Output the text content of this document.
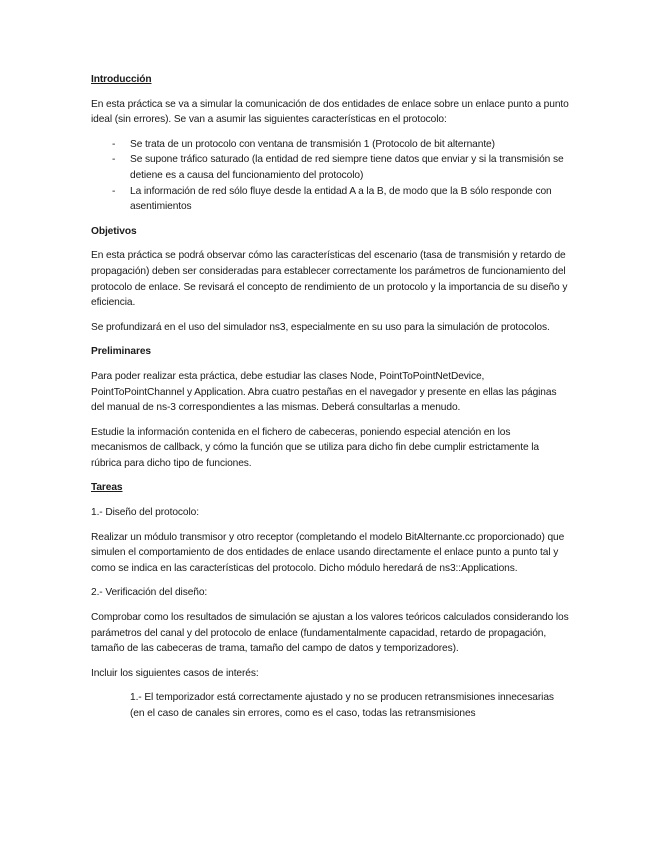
Introducción

En esta práctica se va a simular la comunicación de dos entidades de enlace sobre un enlace punto a punto ideal (sin errores). Se van a asumir las siguientes características en el protocolo:

- Se trata de un protocolo con ventana de transmisión 1 (Protocolo de bit alternante)
- Se supone tráfico saturado (la entidad de red siempre tiene datos que enviar y si la transmisión se detiene es a causa del funcionamiento del protocolo)
- La información de red sólo fluye desde la entidad A a la B, de modo que la B sólo responde con asentimientos
Objetivos

En esta práctica se podrá observar cómo las características del escenario (tasa de transmisión y retardo de propagación) deben ser consideradas para establecer correctamente los parámetros de funcionamiento del protocolo de enlace. Se revisará el concepto de rendimiento de un protocolo y la importancia de su diseño y eficiencia.

Se profundizará en el uso del simulador ns3, especialmente en su uso para la simulación de protocolos.

Preliminares

Para poder realizar esta práctica, debe estudiar las clases Node, PointToPointNetDevice, PointToPointChannel y Application. Abra cuatro pestañas en el navegador y presente en ellas las páginas del manual de ns-3 correspondientes a las mismas. Deberá consultarlas a menudo.

Estudie la información contenida en el fichero de cabeceras, poniendo especial atención en los mecanismos de callback, y cómo la función que se utiliza para dicho fin debe cumplir estrictamente la rúbrica para dicho tipo de funciones.

Tareas

1.- Diseño del protocolo:

Realizar un módulo transmisor y otro receptor (completando el modelo BitAlternante.cc proporcionado) que simulen el comportamiento de dos entidades de enlace usando directamente el enlace punto a punto tal y como se indica en las características del protocolo. Dicho módulo heredará de ns3::Applications.

2.- Verificación del diseño:

Comprobar como los resultados de simulación se ajustan a los valores teóricos calculados considerando los parámetros del canal y del protocolo de enlace (fundamentalmente capacidad, retardo de propagación, tamaño de las cabeceras de trama, tamaño del campo de datos y temporizadores).

Incluir los siguientes casos de interés:

1.- El temporizador está correctamente ajustado y no se producen retransmisiones innecesarias (en el caso de canales sin errores, como es el caso, todas las retransmisiones
